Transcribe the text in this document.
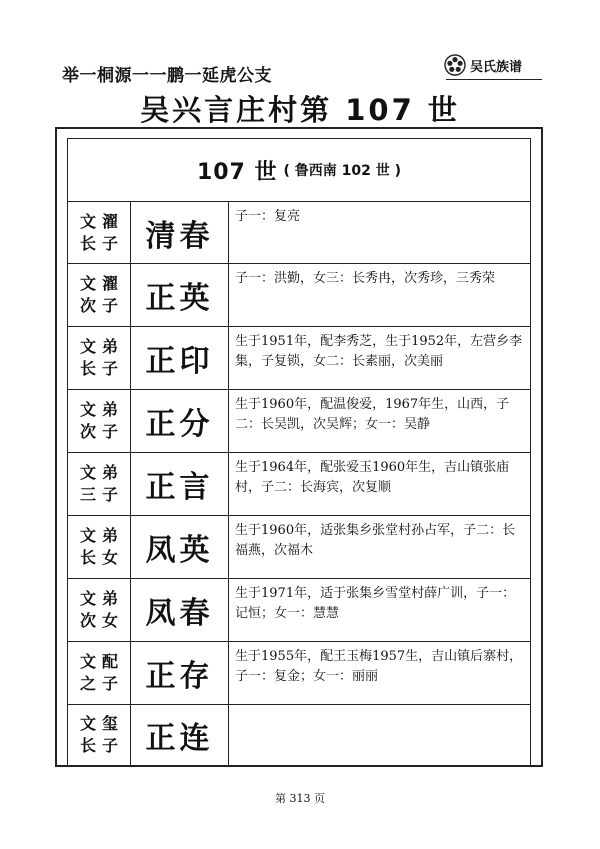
举一桐源一一鹏一延虎公支	吴氏族谱
吴兴言庄村第 107 世
107 世 ( 鲁西南 102 世 )
文 濯
长 子 清春
子一：复亮
文 濯
次 子 正英
子一：洪勤，女三：长秀冉，次秀珍，三秀荣
文 弟
长 子 正印
生于1951年，配李秀芝，生于1952年，左营乡李集，子复锁，女二：长素丽，次美丽
文 弟
次 子 正分
生于1960年，配温俊爱，1967年生，山西，子二：长吴凯，次吴辉；女一：吴静
文 弟
三 子 正言
生于1964年，配张爱玉1960年生，吉山镇张庙村，子二：长海宾，次复顺
文 弟
长 女 凤英
生于1960年，适张集乡张堂村孙占军，子二：长福燕，次福木
文 弟
次 女 凤春
生于1971年，适于张集乡雪堂村薛广训，子一：记恒；女一：慧慧
文 配
之 子 正存
生于1955年，配王玉梅1957生，吉山镇后寨村，子一：复金；女一：丽丽
文 玺
长 子 正连
第 313 页
